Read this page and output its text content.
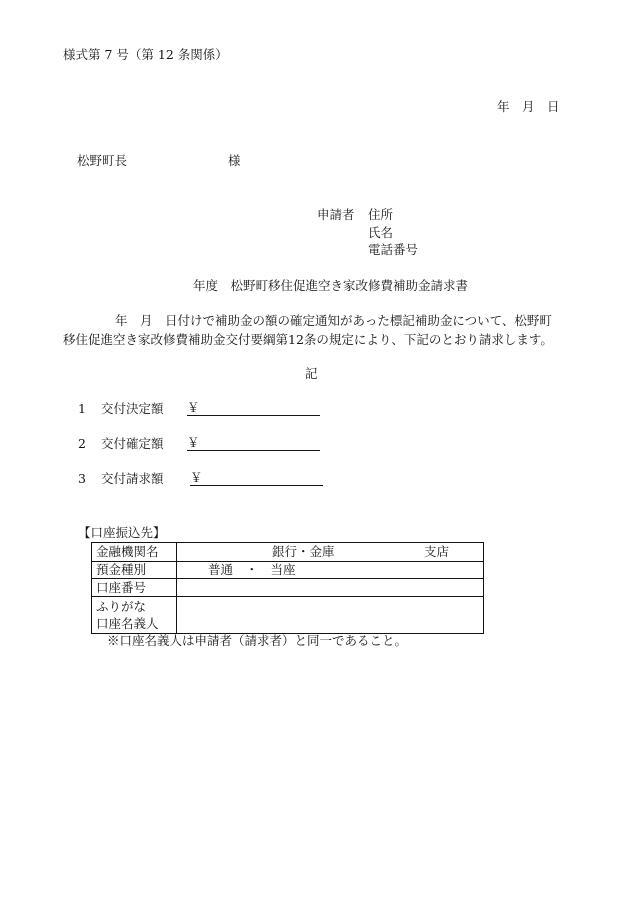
様式第 7 号（第 12 条関係）
年　月　日
松野町長	様
申請者 住所
氏名
電話番号
年度　松野町移住促進空き家改修費補助金請求書
年　月　日付けで補助金の額の確定通知があった標記補助金について、松野町
移住促進空き家改修費補助金交付要綱第12条の規定により、下記のとおり請求します。
記
1 交付決定額 ￥
2 交付確定額 ￥
3 交付請求額 ￥
【口座振込先】
金融機関名	銀行・金庫 支店

預金種別	普通　・　当座

口座番号	

ふりがな
口座名義人	

※口座名義人は申請者（請求者）と同一であること。
